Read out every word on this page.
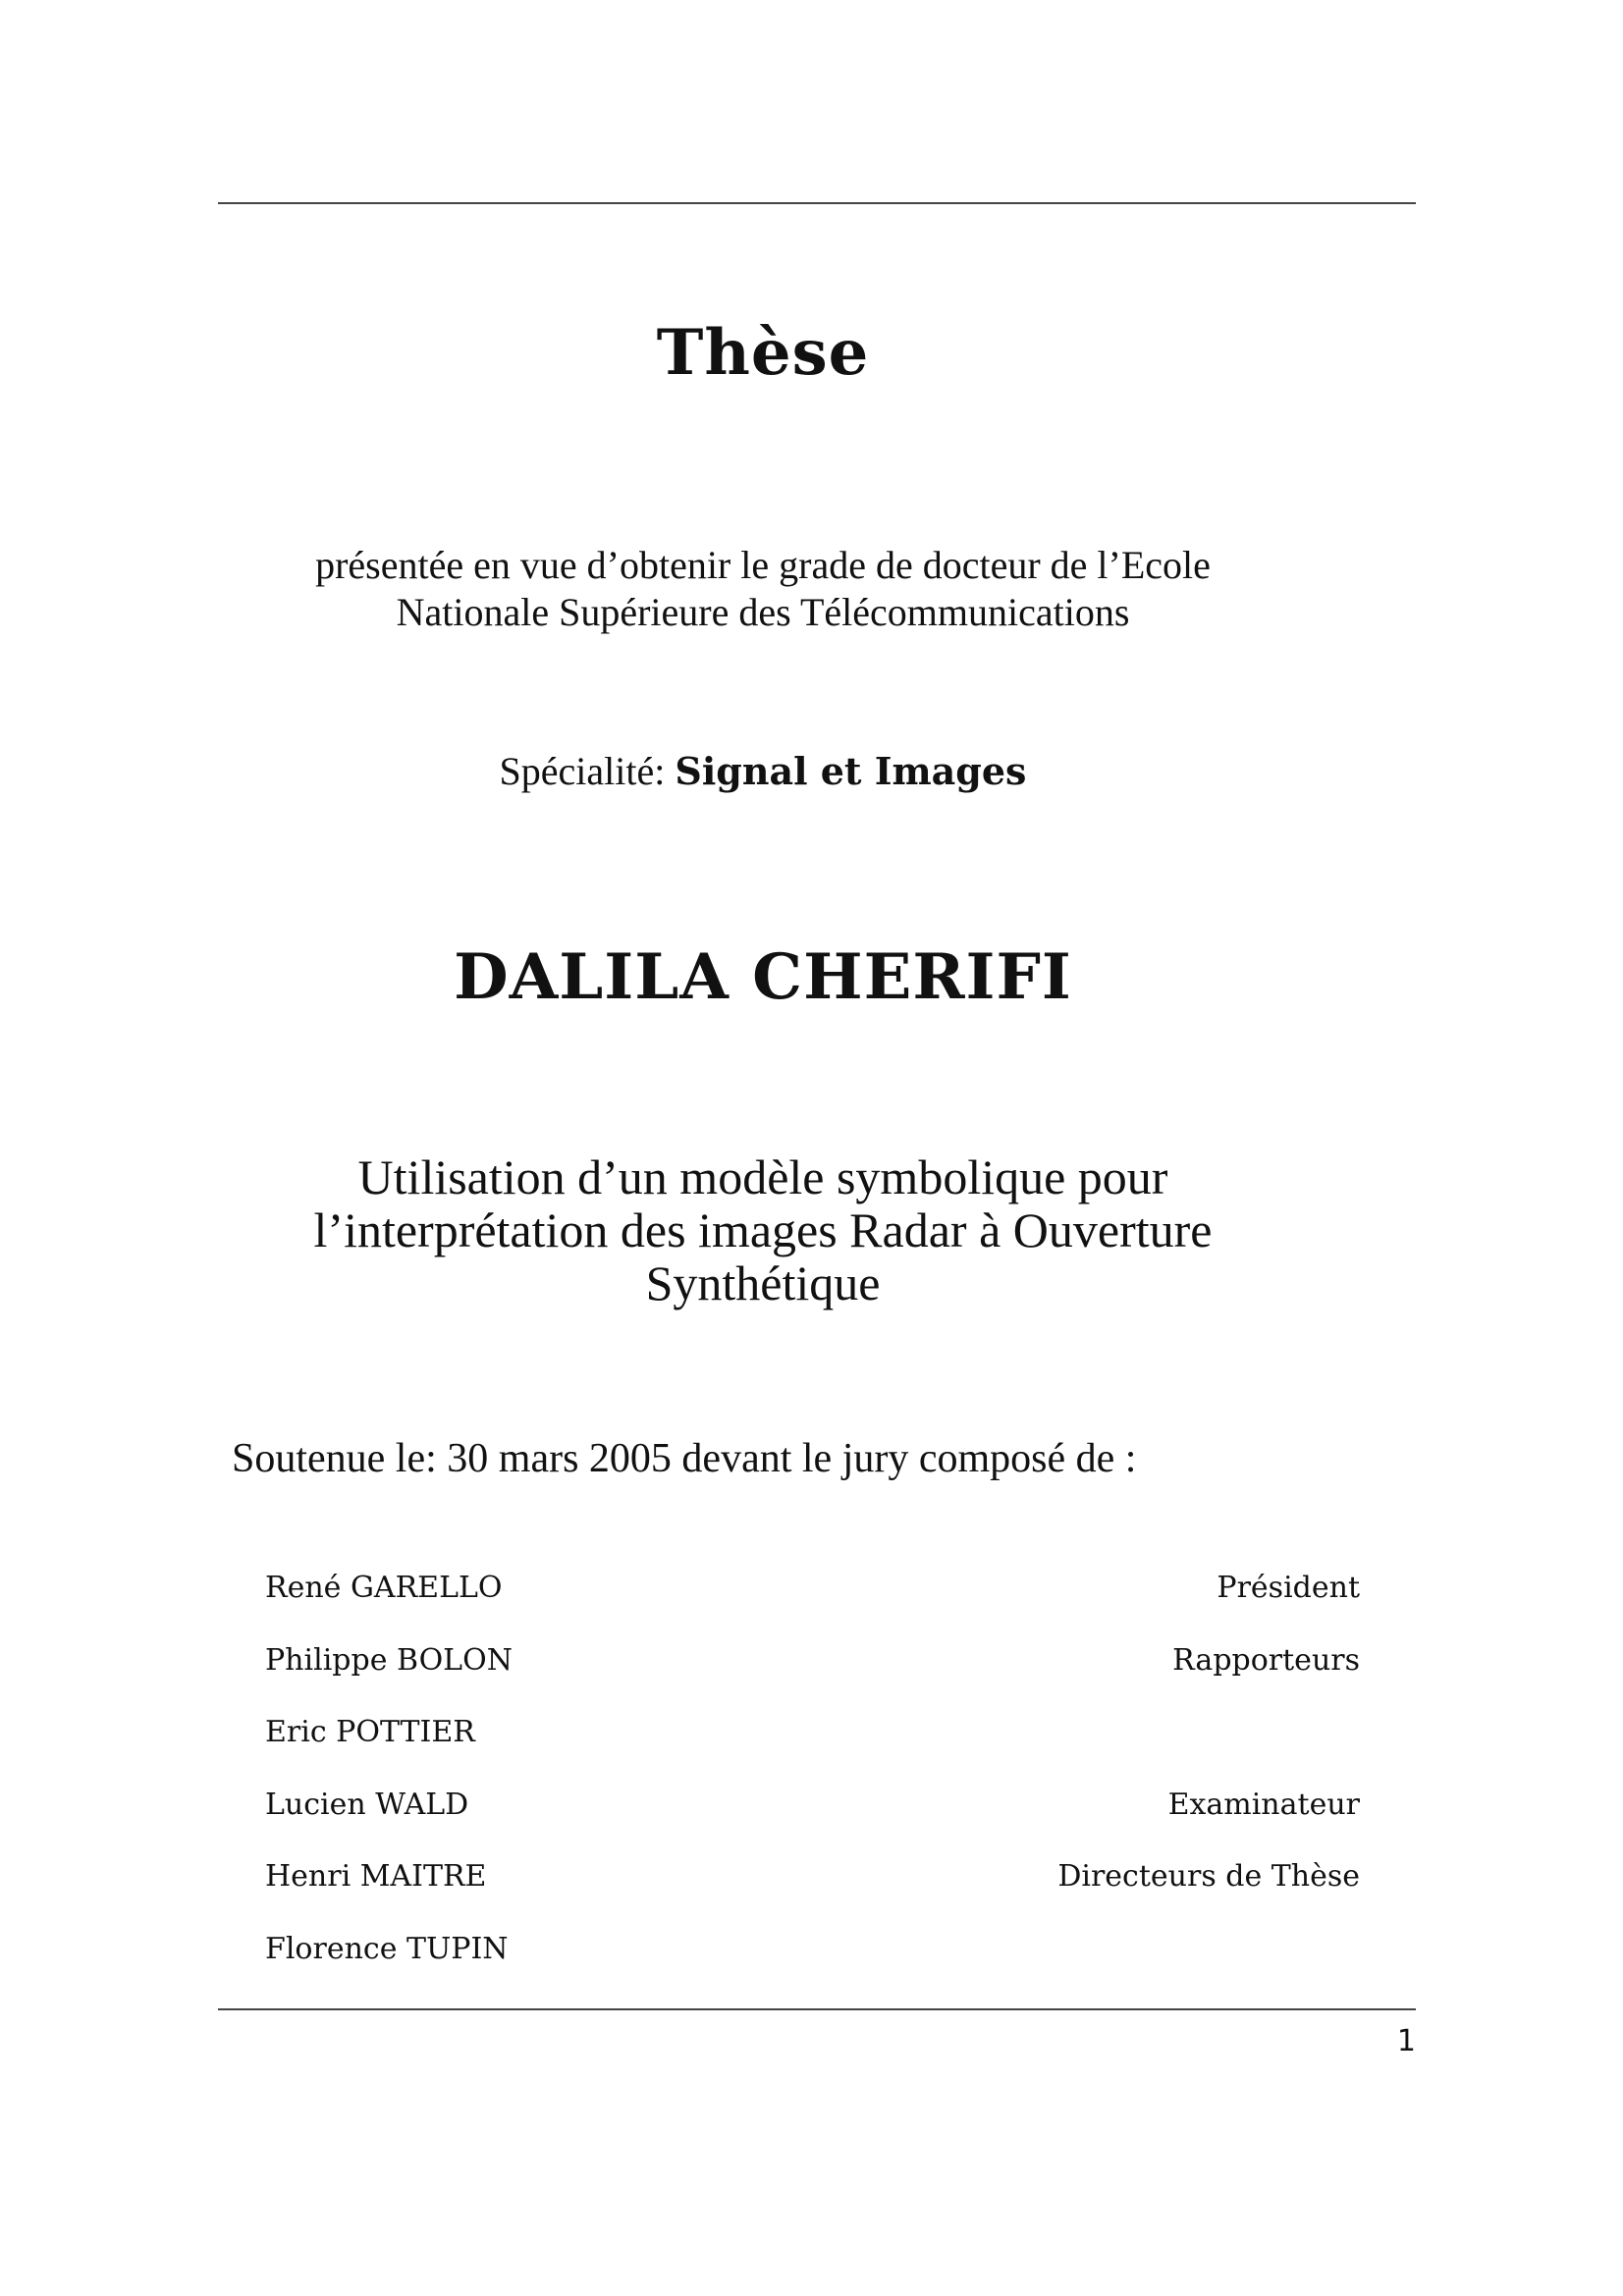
Thèse
présentée en vue d’obtenir le grade de docteur de l’Ecole
Nationale Supérieure des Télécommunications
Spécialité: Signal et Images
DALILA CHERIFI
Utilisation d’un modèle symbolique pour
l’interprétation des images Radar à Ouverture
Synthétique
Soutenue le: 30 mars 2005 devant le jury composé de :
René GARELLO	Président
Philippe BOLON	Rapporteurs
Eric POTTIER
Lucien WALD	Examinateur
Henri MAITRE	Directeurs de Thèse
Florence TUPIN
1
